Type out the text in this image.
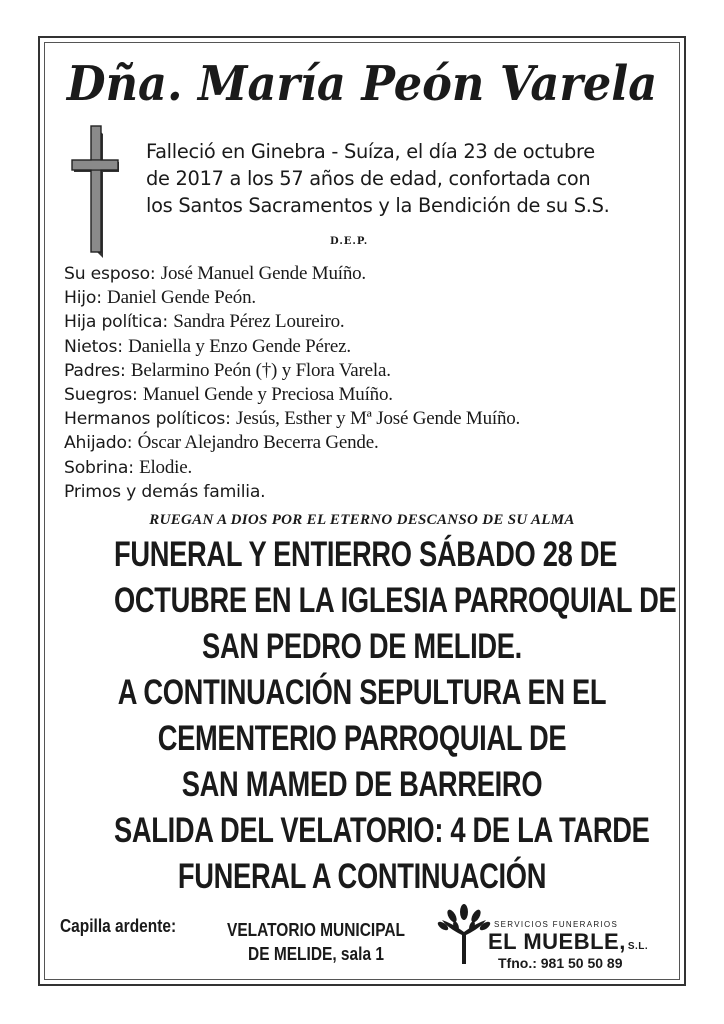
Dña. María Peón Varela
Falleció en Ginebra - Suíza, el día 23 de octubre
de 2017 a los 57 años de edad, confortada con
los Santos Sacramentos y la Bendición de su S.S.
D.E.P.
Su esposo: José Manuel Gende Muíño.
Hijo: Daniel Gende Peón.
Hija política: Sandra Pérez Loureiro.
Nietos: Daniella y Enzo Gende Pérez.
Padres: Belarmino Peón (†) y Flora Varela.
Suegros: Manuel Gende y Preciosa Muíño.
Hermanos políticos: Jesús, Esther y Mª José Gende Muíño.
Ahijado: Óscar Alejandro Becerra Gende.
Sobrina: Elodie.
Primos y demás familia.
RUEGAN A DIOS POR EL ETERNO DESCANSO DE SU ALMA
FUNERAL Y ENTIERRO SÁBADO 28 DE
OCTUBRE EN LA IGLESIA PARROQUIAL DE
SAN PEDRO DE MELIDE.
A CONTINUACIÓN SEPULTURA EN EL
CEMENTERIO PARROQUIAL DE
SAN MAMED DE BARREIRO
SALIDA DEL VELATORIO: 4 DE LA TARDE
FUNERAL A CONTINUACIÓN
Capilla ardente:	VELATORIO MUNICIPAL
DE MELIDE, sala 1
SERVICIOS FUNERARIOS
EL MUEBLE, S.L.
Tfno.: 981 50 50 89
